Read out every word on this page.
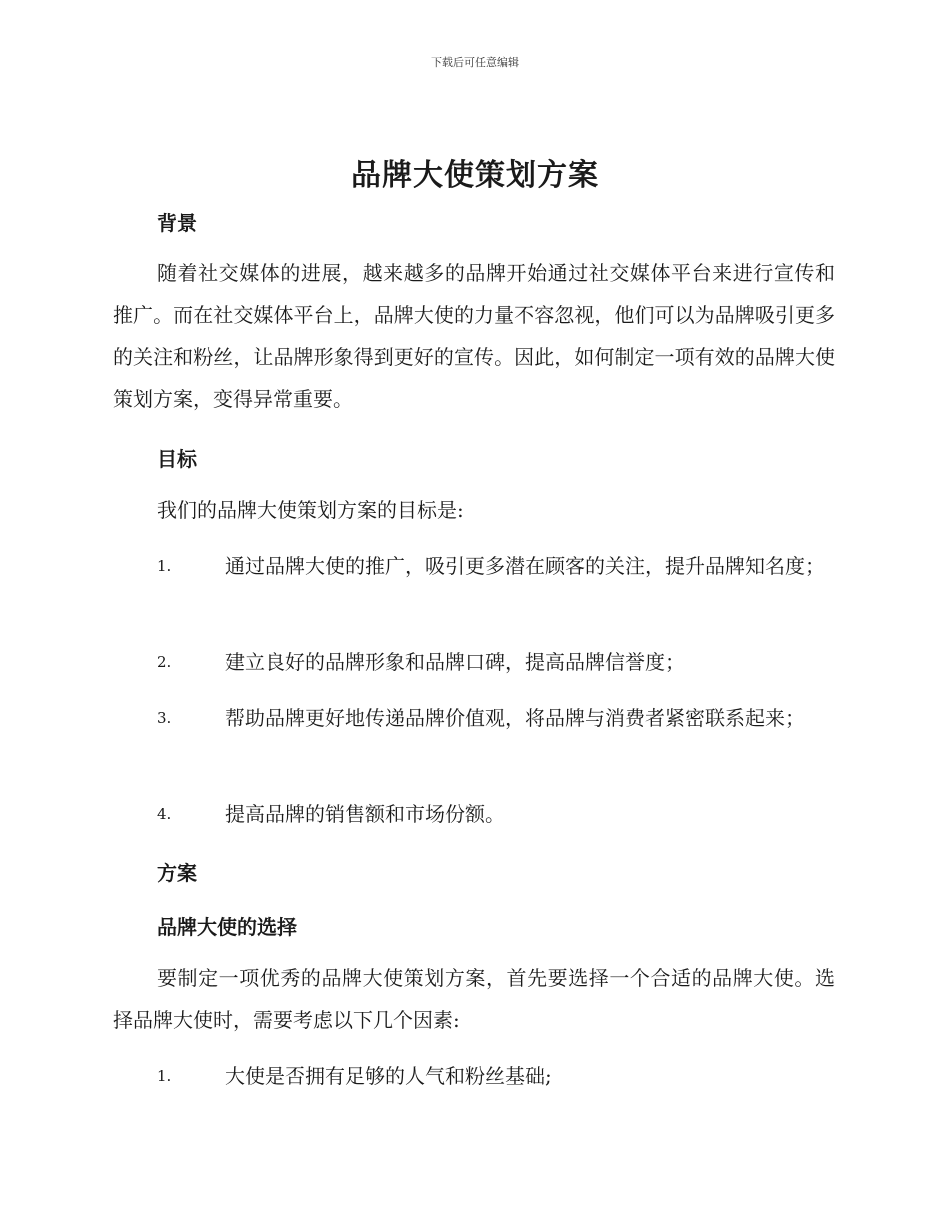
下载后可任意编辑
品牌大使策划方案
背景
随着社交媒体的进展，越来越多的品牌开始通过社交媒体平台来进行宣传和推广。而在社交媒体平台上，品牌大使的力量不容忽视，他们可以为品牌吸引更多的关注和粉丝，让品牌形象得到更好的宣传。因此，如何制定一项有效的品牌大使策划方案，变得异常重要。
目标
我们的品牌大使策划方案的目标是:
1.	通过品牌大使的推广，吸引更多潜在顾客的关注，提升品牌知名度；
2.	建立良好的品牌形象和品牌口碑，提高品牌信誉度；
3.	帮助品牌更好地传递品牌价值观，将品牌与消费者紧密联系起来；
4.	提高品牌的销售额和市场份额。
方案
品牌大使的选择
要制定一项优秀的品牌大使策划方案，首先要选择一个合适的品牌大使。选择品牌大使时，需要考虑以下几个因素:
1.	大使是否拥有足够的人气和粉丝基础;
